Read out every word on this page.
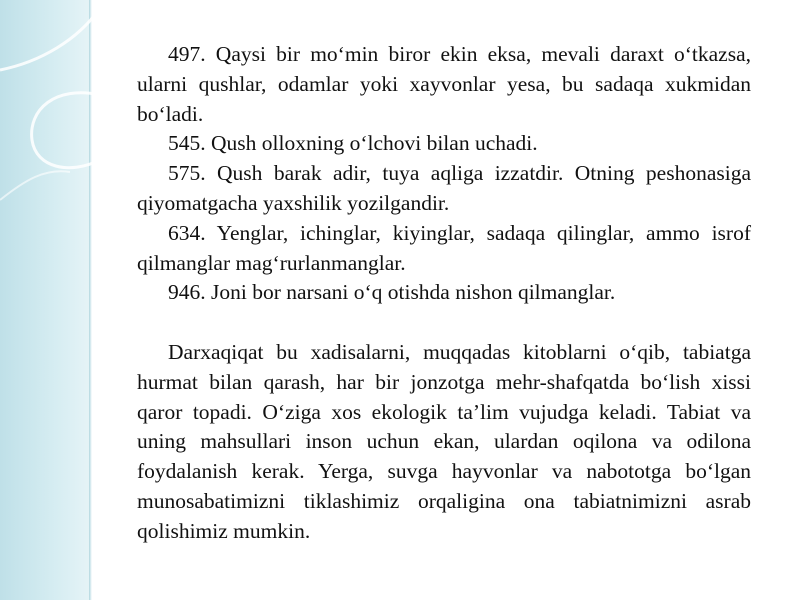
497. Qaysi bir mo‘min biror ekin eksa, mevali daraxt o‘tkazsa, ularni qushlar, odamlar yoki xayvonlar yesa, bu sadaqa xukmidan bo‘ladi.

545. Qush olloxning o‘lchovi bilan uchadi.

575. Qush barak adir, tuya aqliga izzatdir. Otning peshonasiga qiyomatgacha yaxshilik yozilgandir.

634. Yenglar, ichinglar, kiyinglar, sadaqa qilinglar, ammo isrof qilmanglar mag‘rurlanmanglar.

946. Joni bor narsani o‘q otishda nishon qilmanglar.

Darxaqiqat bu xadisalarni, muqqadas kitoblarni o‘qib, tabiatga hurmat bilan qarash, har bir jonzotga mehr-shafqatda bo‘lish xissi qaror topadi. O‘ziga xos ekologik ta’lim vujudga keladi. Tabiat va uning mahsullari inson uchun ekan, ulardan oqilona va odilona foydalanish kerak. Yerga, suvga hayvonlar va nabototga bo‘lgan munosabatimizni tiklashimiz orqaligina ona tabiatnimizni asrab qolishimiz mumkin.
